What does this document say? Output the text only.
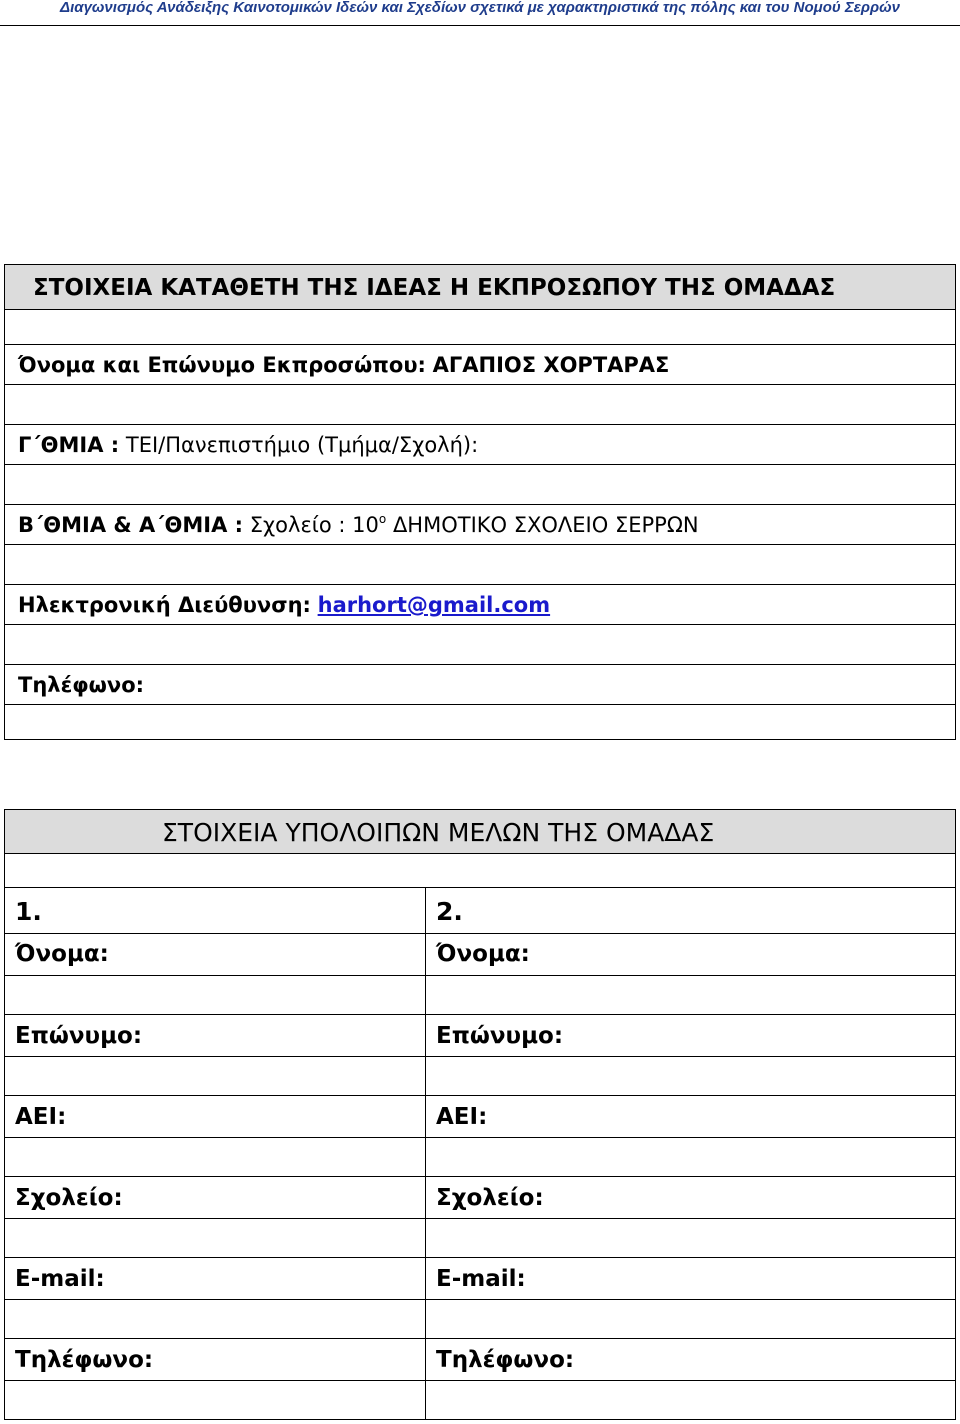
Διαγωνισμός Ανάδειξης Καινοτομικών Ιδεών και Σχεδίων σχετικά με χαρακτηριστικά της πόλης και του Νομού Σερρών
ΣΤΟΙΧΕΙΑ ΚΑΤΑΘΕΤΗ ΤΗΣ ΙΔΕΑΣ Η ΕΚΠΡΟΣΩΠΟΥ ΤΗΣ ΟΜΑΔΑΣ
Όνομα και Επώνυμο Εκπροσώπου: ΑΓΑΠΙΟΣ ΧΟΡΤΑΡΑΣ
Γ΄ΘΜΙΑ : ΤΕΙ/Πανεπιστήμιο (Τμήμα/Σχολή):
Β΄ΘΜΙΑ & Α΄ΘΜΙΑ : Σχολείο : $10^o$ ΔΗΜΟΤΙΚΟ ΣΧΟΛΕΙΟ ΣΕΡΡΩΝ
Ηλεκτρονική Διεύθυνση: harhort@gmail.com
Τηλέφωνο:
ΣΤΟΙΧΕΙΑ ΥΠΟΛΟΙΠΩΝ ΜΕΛΩΝ ΤΗΣ ΟΜΑΔΑΣ
1.
Όνομα:
Επώνυμο:
ΑΕΙ:
Σχολείο:
E-mail:
Τηλέφωνο:
2.
Όνομα:
Επώνυμο:
ΑΕΙ:
Σχολείο:
E-mail:
Τηλέφωνο:
